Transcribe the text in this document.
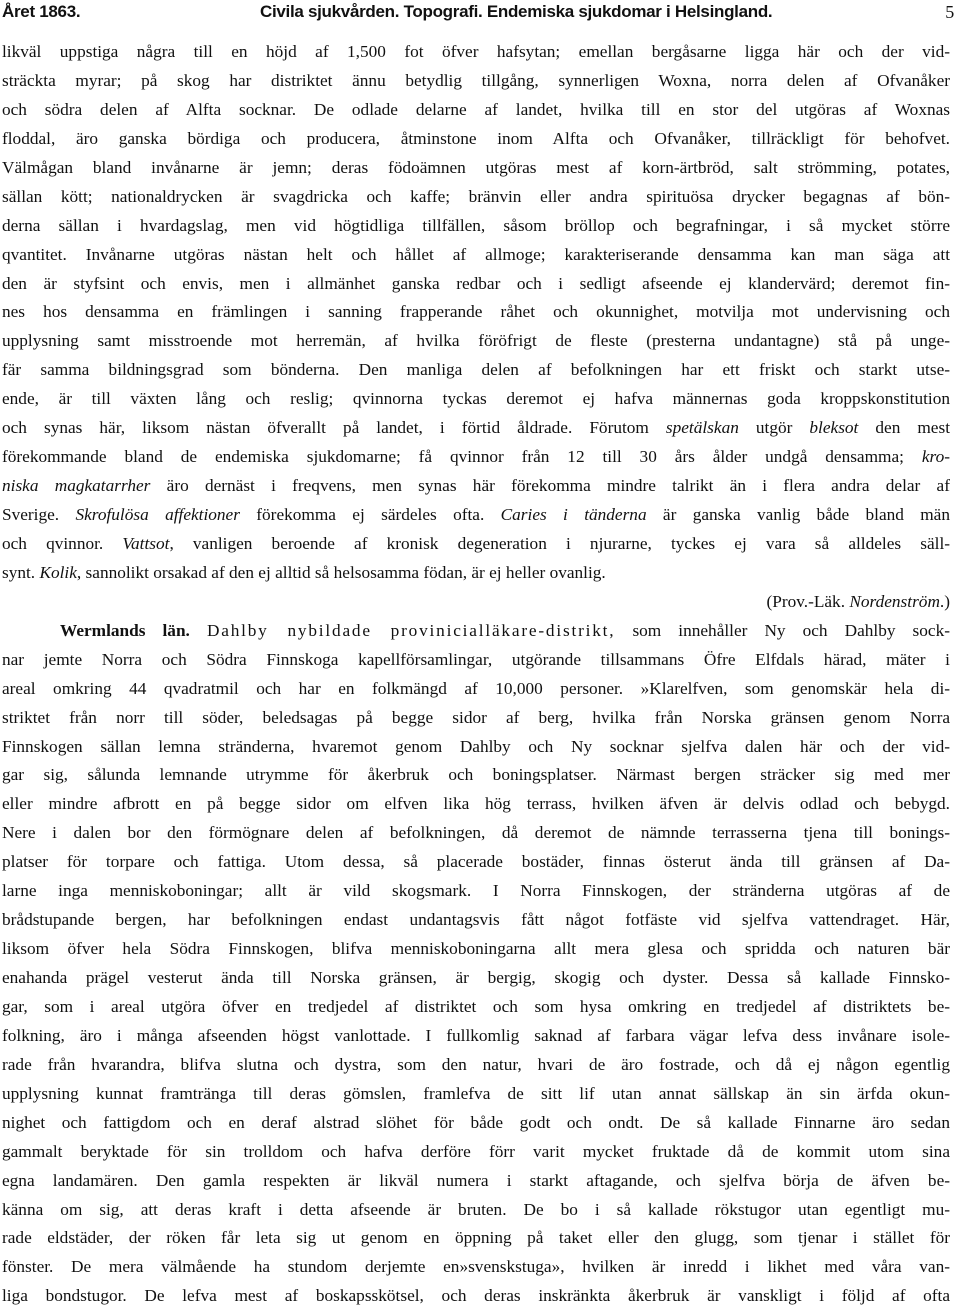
Året 1863.	Civila sjukvården. Topografi. Endemiska sjukdomar i Helsingland.	5
likväl uppstiga några till en höjd af 1,500 fot öfver hafsytan; emellan bergåsarne ligga här och der vid-
sträckta myrar; på skog har distriktet ännu betydlig tillgång, synnerligen Woxna, norra delen af Ofvanåker
och södra delen af Alfta socknar. De odlade delarne af landet, hvilka till en stor del utgöras af Woxnas
floddal, äro ganska bördiga och producera, åtminstone inom Alfta och Ofvanåker, tillräckligt för behofvet.
Välmågan bland invånarne är jemn; deras födoämnen utgöras mest af korn-ärtbröd, salt strömming, potates,
sällan kött; nationaldrycken är svagdricka och kaffe; bränvin eller andra spirituösa drycker begagnas af bön-
derna sällan i hvardagslag, men vid högtidliga tillfällen, såsom bröllop och begrafningar, i så mycket större
qvantitet. Invånarne utgöras nästan helt och hållet af allmoge; karakteriserande densamma kan man säga att
den är styfsint och envis, men i allmänhet ganska redbar och i sedligt afseende ej klandervärd; deremot fin-
nes hos densamma en främlingen i sanning frapperande råhet och okunnighet, motvilja mot undervisning och
upplysning samt misstroende mot herremän, af hvilka föröfrigt de fleste (presterna undantagne) stå på unge-
fär samma bildningsgrad som bönderna. Den manliga delen af befolkningen har ett friskt och starkt utse-
ende, är till växten lång och reslig; qvinnorna tyckas deremot ej hafva männernas goda kroppskonstitution
och synas här, liksom nästan öfverallt på landet, i förtid åldrade. Förutom spetälskan utgör bleksot den mest
förekommande bland de endemiska sjukdomarne; få qvinnor från 12 till 30 års ålder undgå densamma; kro-
niska magkatarrher äro dernäst i freqvens, men synas här förekomma mindre talrikt än i flera andra delar af
Sverige. Skrofulösa affektioner förekomma ej särdeles ofta. Caries i tänderna är ganska vanlig både bland män
och qvinnor. Vattsot, vanligen beroende af kronisk degeneration i njurarne, tyckes ej vara så alldeles säll-
synt. Kolik, sannolikt orsakad af den ej alltid så helsosamma födan, är ej heller ovanlig.
(Prov.-Läk. Nordenström.)
Wermlands län. Dahlby nybildade provinicialläkare-distrikt, som innehåller Ny och Dahlby sock-
nar jemte Norra och Södra Finnskoga kapellförsamlingar, utgörande tillsammans Öfre Elfdals härad, mäter i
areal omkring 44 qvadratmil och har en folkmängd af 10,000 personer. »Klarelfven, som genomskär hela di-
striktet från norr till söder, beledsagas på begge sidor af berg, hvilka från Norska gränsen genom Norra
Finnskogen sällan lemna stränderna, hvaremot genom Dahlby och Ny socknar sjelfva dalen här och der vid-
gar sig, sålunda lemnande utrymme för åkerbruk och boningsplatser. Närmast bergen sträcker sig med mer
eller mindre afbrott en på begge sidor om elfven lika hög terrass, hvilken äfven är delvis odlad och bebygd.
Nere i dalen bor den förmögnare delen af befolkningen, då deremot de nämnde terrasserna tjena till bonings-
platser för torpare och fattiga. Utom dessa, så placerade bostäder, finnas österut ända till gränsen af Da-
larne inga menniskoboningar; allt är vild skogsmark. I Norra Finnskogen, der stränderna utgöras af de
brådstupande bergen, har befolkningen endast undantagsvis fått något fotfäste vid sjelfva vattendraget. Här,
liksom öfver hela Södra Finnskogen, blifva menniskoboningarna allt mera glesa och spridda och naturen bär
enahanda prägel vesterut ända till Norska gränsen, är bergig, skogig och dyster. Dessa så kallade Finnsko-
gar, som i areal utgöra öfver en tredjedel af distriktet och som hysa omkring en tredjedel af distriktets be-
folkning, äro i många afseenden högst vanlottade. I fullkomlig saknad af farbara vägar lefva dess invånare isole-
rade från hvarandra, blifva slutna och dystra, som den natur, hvari de äro fostrade, och då ej någon egentlig
upplysning kunnat framtränga till deras gömslen, framlefva de sitt lif utan annat sällskap än sin ärfda okun-
nighet och fattigdom och en deraf alstrad slöhet för både godt och ondt. De så kallade Finnarne äro sedan
gammalt beryktade för sin trolldom och hafva derföre förr varit mycket fruktade då de kommit utom sina
egna landamären. Den gamla respekten är likväl numera i starkt aftagande, och sjelfva börja de äfven be-
känna om sig, att deras kraft i detta afseende är bruten. De bo i så kallade rökstugor utan egentligt mu-
rade eldstäder, der röken får leta sig ut genom en öppning på taket eller den glugg, som tjenar i stället för
fönster. De mera välmående ha stundom derjemte en»svenskstuga», hvilken är inredd i likhet med våra van-
liga bondstugor. De lefva mest af boskapsskötsel, och deras inskränkta åkerbruk är vanskligt i följd af ofta
